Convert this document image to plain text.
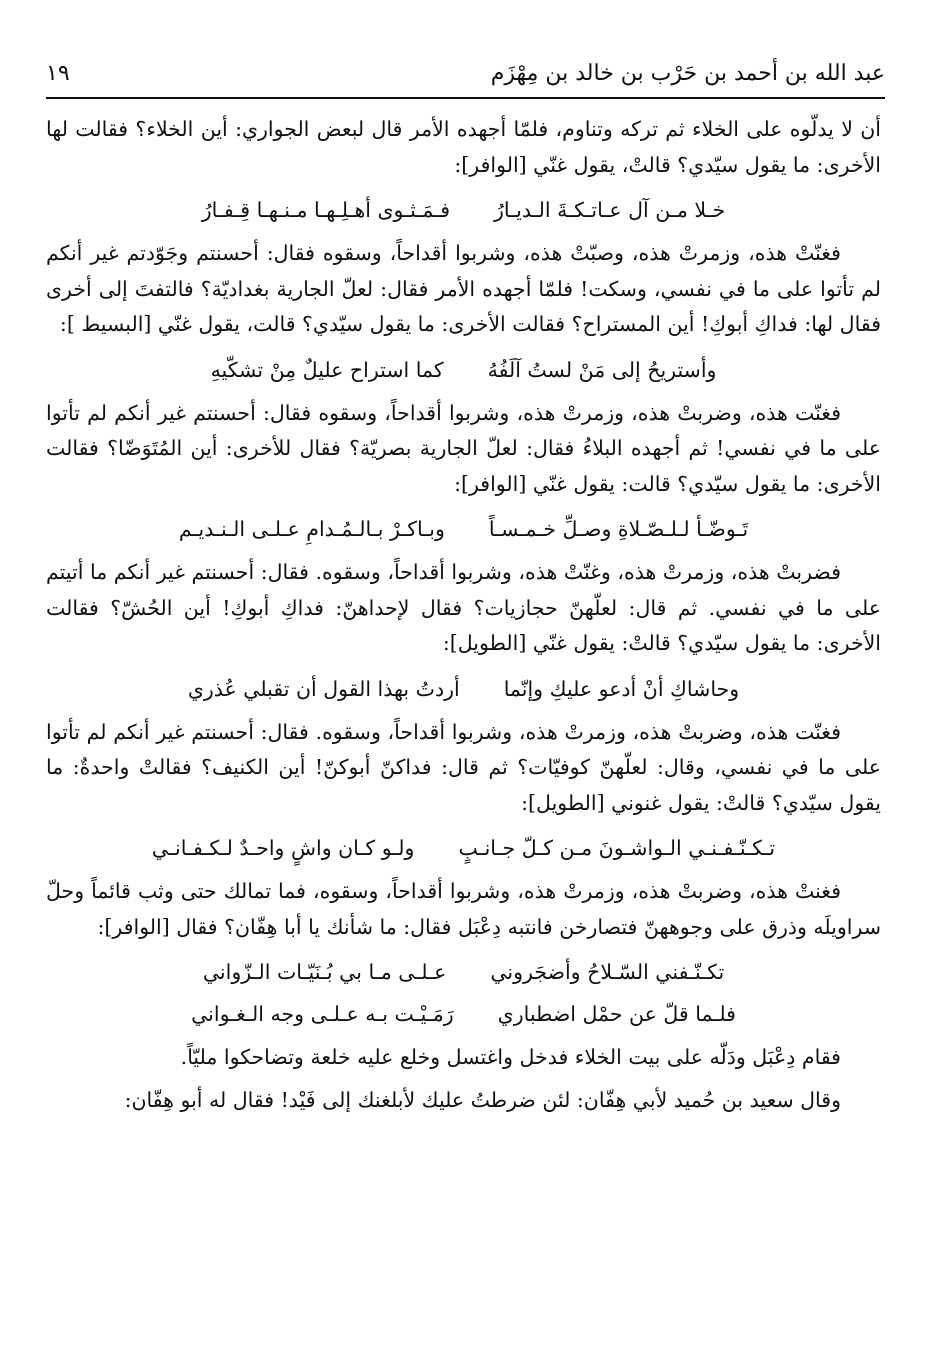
عبد الله بن أحمد بن حَرْب بن خالد بن مِهْزَم
١٩

أن لا يدلّوه على الخلاء ثم تركه وتناوم، فلمّا أجهده الأمر قال لبعض الجواري: أين الخلاء؟ فقالت لها الأخرى: ما يقول سيّدي؟ قالتْ، يقول غنّي [الوافر]:

خـلا مـن آل عـاتـكـةَ الـديـارُ
فـمَـثـوى أهـلِـهـا مـنـهـا قِـفـارُ

فغنّتْ هذه، وزمرتْ هذه، وصبّتْ هذه، وشربوا أقداحاً، وسقوه فقال: أحسنتم وجَوّدتم غير أنكم لم تأتوا على ما في نفسي، وسكت! فلمّا أجهده الأمر فقال: لعلّ الجارية بغداديّة؟ فالتفتَ إلى أخرى فقال لها: فداكِ أبوكِ! أين المستراح؟ فقالت الأخرى: ما يقول سيّدي؟ قالت، يقول غنّي [البسيط ]:

وأستريحُ إلى مَنْ لستُ آلَفُهُ
كما استراح عليلٌ مِنْ تشكّيهِ

فغنّت هذه، وضربتْ هذه، وزمرتْ هذه، وشربوا أقداحاً، وسقوه فقال: أحسنتم غير أنكم لم تأتوا على ما في نفسي! ثم أجهده البلاءُ فقال: لعلّ الجارية بصريّة؟ فقال للأخرى: أين المُتَوَضّا؟ فقالت الأخرى: ما يقول سيّدي؟ قالت: يقول غنّي [الوافر]:

تَـوضّـأ لـلـصّـلاةِ وصـلِّ خـمـسـاً
وبـاكـرْ بـالـمُـدامِ عـلـى الـنـديـم

فضربتْ هذه، وزمرتْ هذه، وغنّتْ هذه، وشربوا أقداحاً، وسقوه. فقال: أحسنتم غير أنكم ما أتيتم على ما في نفسي. ثم قال: لعلّهنّ حجازيات؟ فقال لإحداهنّ: فداكِ أبوكِ! أين الحُشّ؟ فقالت الأخرى: ما يقول سيّدي؟ قالتْ: يقول غنّي [الطويل]:

وحاشاكِ أنْ أدعو عليكِ وإنّما
أردتُ بهذا القول أن تقبلي عُذري

فغنّت هذه، وضربتْ هذه، وزمرتْ هذه، وشربوا أقداحاً، وسقوه. فقال: أحسنتم غير أنكم لم تأتوا على ما في نفسي، وقال: لعلّهنّ كوفيّات؟ ثم قال: فداكنّ أبوكنّ! أين الكنيف؟ فقالتْ واحدةٌ: ما يقول سيّدي؟ قالتْ: يقول غنوني [الطويل]:

تـكـنّـفـنـي الـواشـونَ مـن كـلّ جـانـبٍ
ولـو كـان واشٍ واحـدٌ لـكـفـانـي

فغنتْ هذه، وضربتْ هذه، وزمرتْ هذه، وشربوا أقداحاً، وسقوه، فما تمالك حتى وثب قائماً وحلّ سراويلَه وذرق على وجوههنّ فتصارخن فانتبه دِعْبَل فقال: ما شأنك يا أبا هِفّان؟ فقال [الوافر]:

تكـنّـفني السّـلاحُ وأضجَروني
عـلـى مـا بي بُـنَيّـات الـزّواني
فلـما قلّ عن حمْل اضطباري
رَمَـيْـت بـه عـلـى وجه الـغـواني

فقام دِعْبَل ودَلّه على بيت الخلاء فدخل واغتسل وخلع عليه خلعة وتضاحكوا مليّاً.

وقال سعيد بن حُميد لأبي هِفّان: لئن ضرطتُ عليك لأبلغنك إلى فَيْد! فقال له أبو هِفّان:
